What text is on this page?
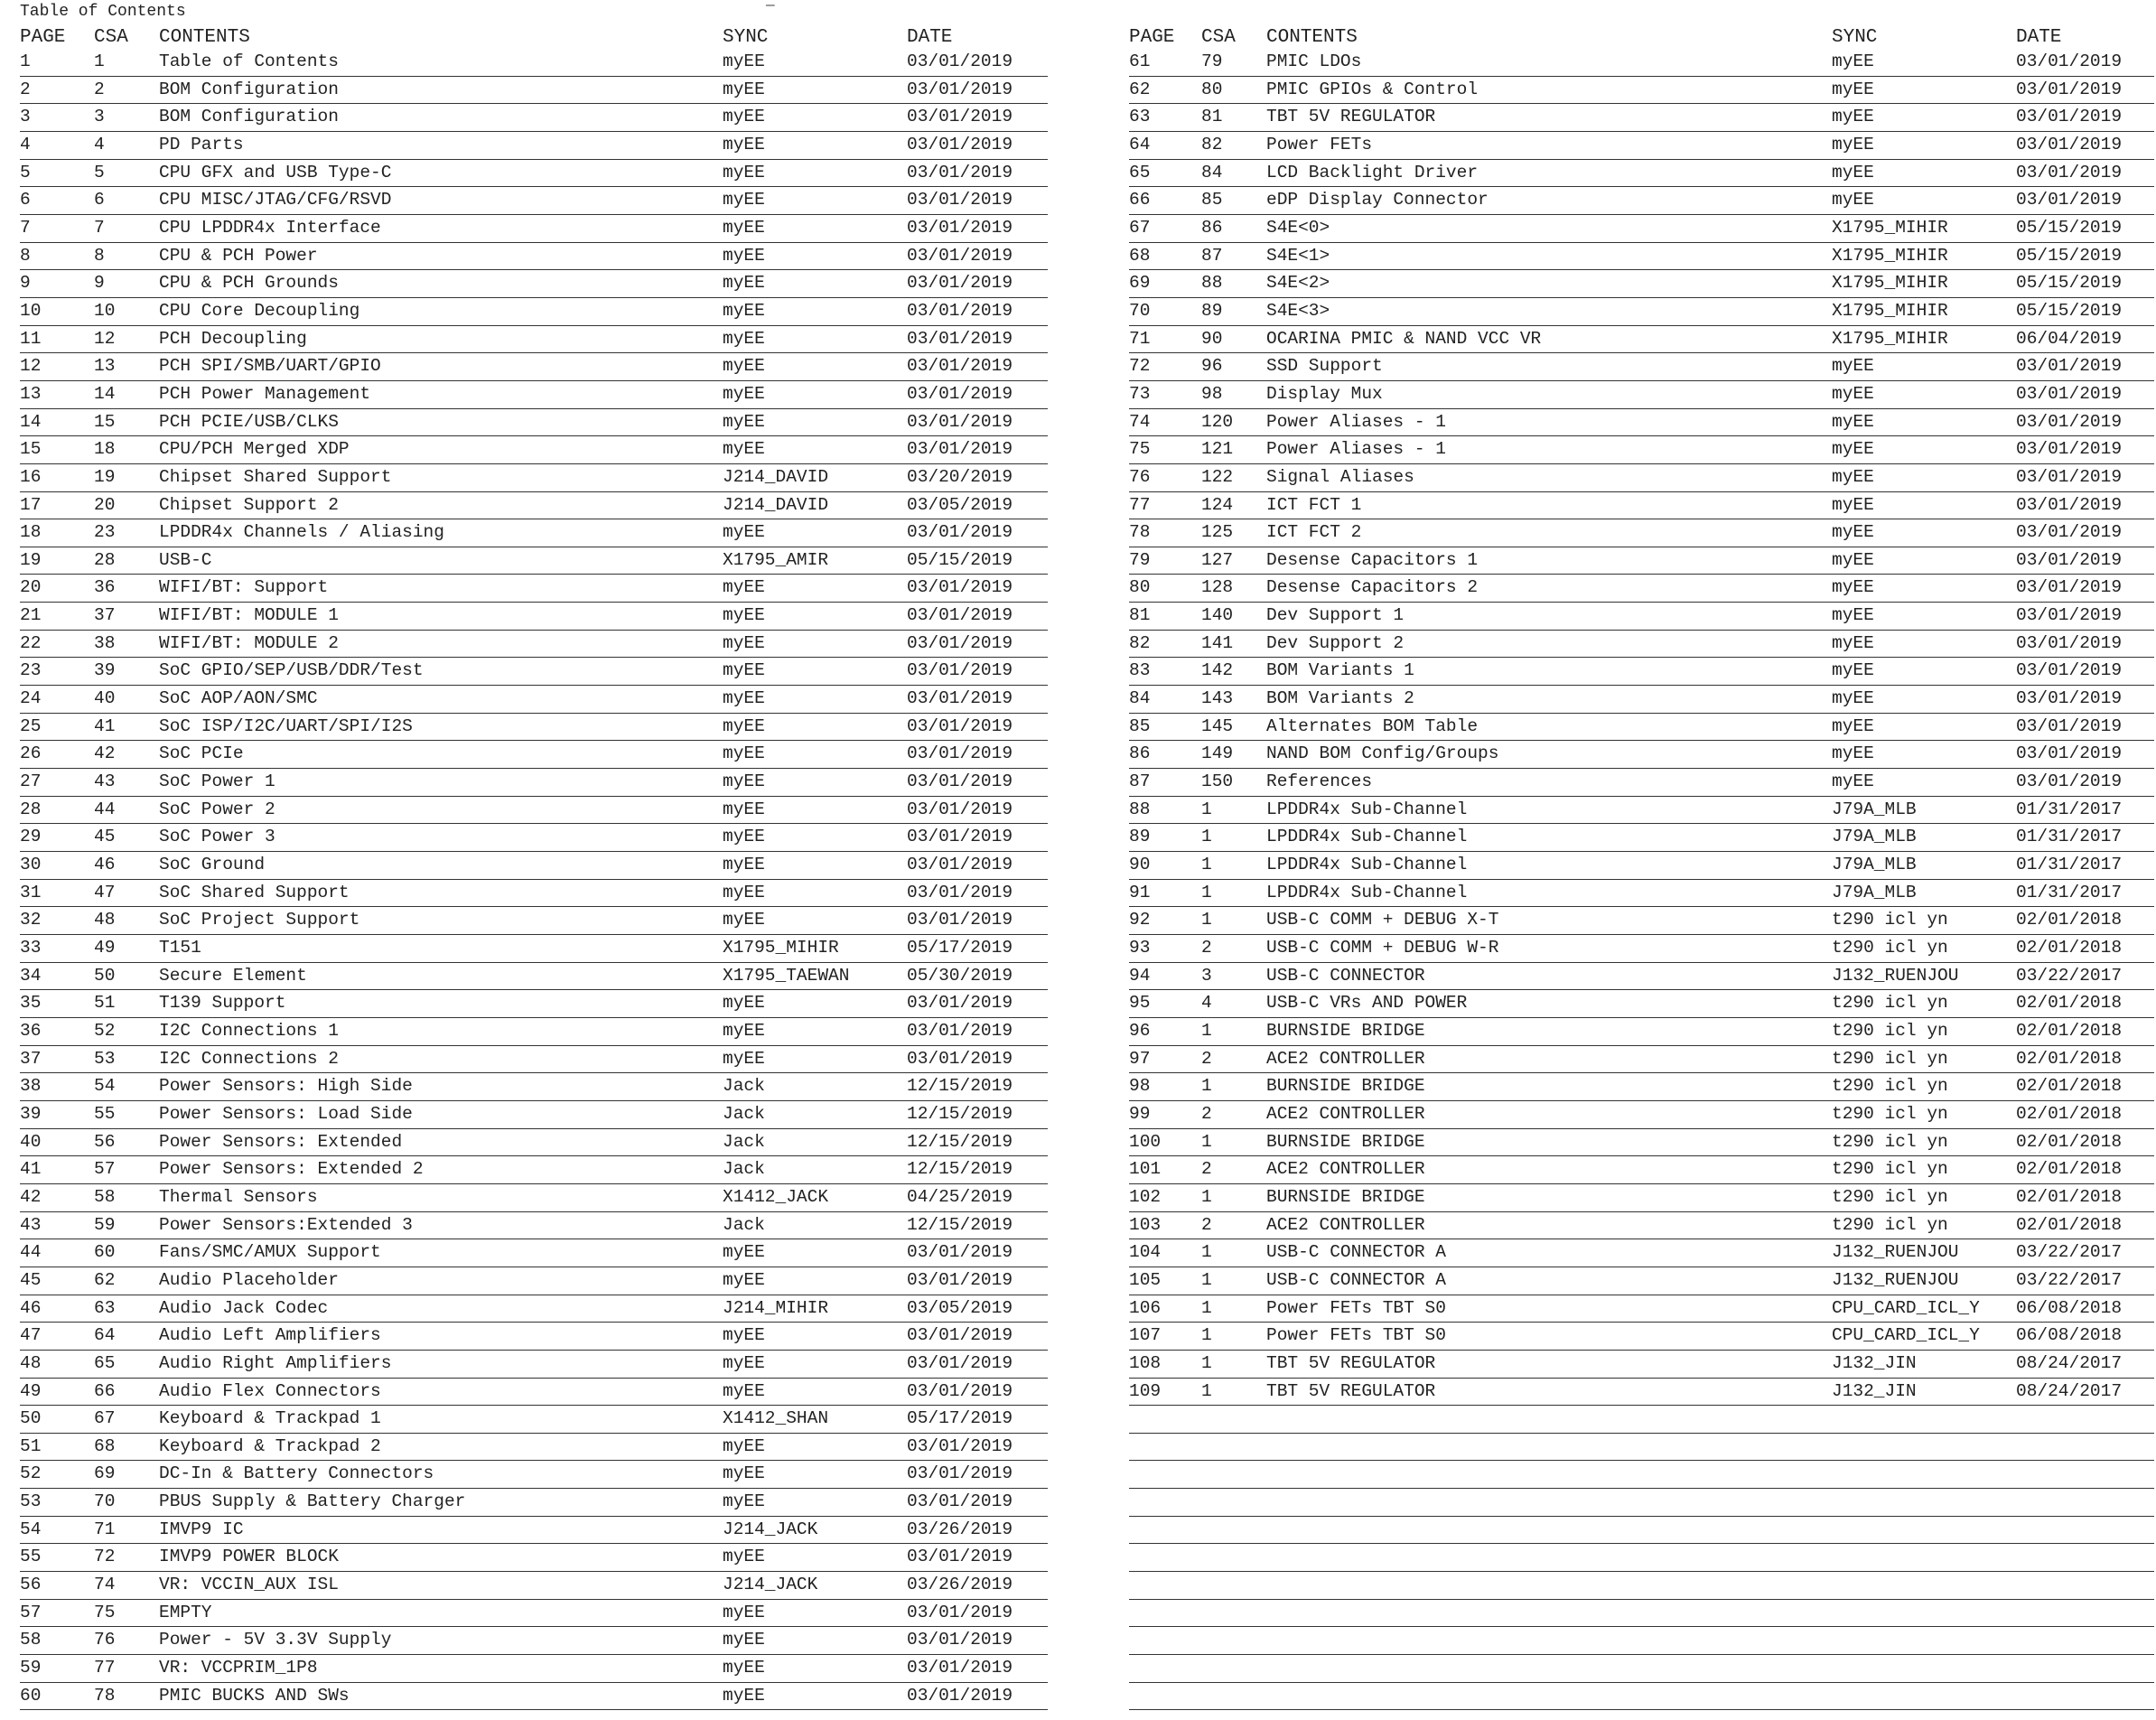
Table of Contents	—
PAGE CSA CONTENTS	SYNC	DATE
1	1	Table of Contents	myEE	03/01/2019
2	2	BOM Configuration	myEE	03/01/2019
3	3	BOM Configuration	myEE	03/01/2019
4	4	PD Parts	myEE	03/01/2019
5	5	CPU GFX and USB Type-C	myEE	03/01/2019
6	6	CPU MISC/JTAG/CFG/RSVD	myEE	03/01/2019
7	7	CPU LPDDR4x Interface	myEE	03/01/2019
8	8	CPU & PCH Power	myEE	03/01/2019
9	9	CPU & PCH Grounds	myEE	03/01/2019
10	10 CPU Core Decoupling	myEE	03/01/2019
11	12 PCH Decoupling	myEE	03/01/2019
12	13 PCH SPI/SMB/UART/GPIO	myEE	03/01/2019
13	14 PCH Power Management	myEE	03/01/2019
14	15 PCH PCIE/USB/CLKS	myEE	03/01/2019
15	18 CPU/PCH Merged XDP	myEE	03/01/2019
16	19 Chipset Shared Support	J214_DAVID	03/20/2019
17	20 Chipset Support 2	J214_DAVID	03/05/2019
18	23 LPDDR4x Channels / Aliasing	myEE	03/01/2019
19	28 USB-C	X1795_AMIR	05/15/2019
20	36 WIFI/BT: Support	myEE	03/01/2019
21	37 WIFI/BT: MODULE 1	myEE	03/01/2019
22	38 WIFI/BT: MODULE 2	myEE	03/01/2019
23	39 SoC GPIO/SEP/USB/DDR/Test	myEE	03/01/2019
24	40 SoC AOP/AON/SMC	myEE	03/01/2019
25	41 SoC ISP/I2C/UART/SPI/I2S	myEE	03/01/2019
26	42 SoC PCIe	myEE	03/01/2019
27	43 SoC Power 1	myEE	03/01/2019
28	44 SoC Power 2	myEE	03/01/2019
29	45 SoC Power 3	myEE	03/01/2019
30	46 SoC Ground	myEE	03/01/2019
31	47 SoC Shared Support	myEE	03/01/2019
32	48 SoC Project Support	myEE	03/01/2019
33	49 T151	X1795_MIHIR	05/17/2019
34	50 Secure Element	X1795_TAEWAN	05/30/2019
35	51 T139 Support	myEE	03/01/2019
36	52 I2C Connections 1	myEE	03/01/2019
37	53 I2C Connections 2	myEE	03/01/2019
38	54 Power Sensors: High Side	Jack	12/15/2019
39	55 Power Sensors: Load Side	Jack	12/15/2019
40	56 Power Sensors: Extended	Jack	12/15/2019
41	57 Power Sensors: Extended 2	Jack	12/15/2019
42	58 Thermal Sensors	X1412_JACK	04/25/2019
43	59 Power Sensors:Extended 3	Jack	12/15/2019
44	60 Fans/SMC/AMUX Support	myEE	03/01/2019
45	62 Audio Placeholder	myEE	03/01/2019
46	63 Audio Jack Codec	J214_MIHIR	03/05/2019
47	64 Audio Left Amplifiers	myEE	03/01/2019
48	65 Audio Right Amplifiers	myEE	03/01/2019
49	66 Audio Flex Connectors	myEE	03/01/2019
50	67 Keyboard & Trackpad 1	X1412_SHAN	05/17/2019
51	68 Keyboard & Trackpad 2	myEE	03/01/2019
52	69 DC-In & Battery Connectors	myEE	03/01/2019
53	70 PBUS Supply & Battery Charger	myEE	03/01/2019
54	71 IMVP9 IC	J214_JACK	03/26/2019
55	72 IMVP9 POWER BLOCK	myEE	03/01/2019
56	74 VR: VCCIN_AUX ISL	J214_JACK	03/26/2019
57	75 EMPTY	myEE	03/01/2019
58	76 Power - 5V 3.3V Supply	myEE	03/01/2019
59	77 VR: VCCPRIM_1P8	myEE	03/01/2019
60	78 PMIC BUCKS AND SWs	myEE	03/01/2019
PAGE CSA CONTENTS	SYNC	DATE
61	79 PMIC LDOs	myEE	03/01/2019
62	80 PMIC GPIOs & Control	myEE	03/01/2019
63	81 TBT 5V REGULATOR	myEE	03/01/2019
64	82 Power FETs	myEE	03/01/2019
65	84 LCD Backlight Driver	myEE	03/01/2019
66	85 eDP Display Connector	myEE	03/01/2019
67	86 S4E<0>	X1795_MIHIR	05/15/2019
68	87 S4E<1>	X1795_MIHIR	05/15/2019
69	88 S4E<2>	X1795_MIHIR	05/15/2019
70	89 S4E<3>	X1795_MIHIR	05/15/2019
71	90 OCARINA PMIC & NAND VCC VR	X1795_MIHIR	06/04/2019
72	96 SSD Support	myEE	03/01/2019
73	98 Display Mux	myEE	03/01/2019
74	120 Power Aliases - 1	myEE	03/01/2019
75	121 Power Aliases - 1	myEE	03/01/2019
76	122 Signal Aliases	myEE	03/01/2019
77	124 ICT FCT 1	myEE	03/01/2019
78	125 ICT FCT 2	myEE	03/01/2019
79	127 Desense Capacitors 1	myEE	03/01/2019
80	128 Desense Capacitors 2	myEE	03/01/2019
81	140 Dev Support 1	myEE	03/01/2019
82	141 Dev Support 2	myEE	03/01/2019
83	142 BOM Variants 1	myEE	03/01/2019
84	143 BOM Variants 2	myEE	03/01/2019
85	145 Alternates BOM Table	myEE	03/01/2019
86	149 NAND BOM Config/Groups	myEE	03/01/2019
87	150 References	myEE	03/01/2019
88	1	LPDDR4x Sub-Channel	J79A_MLB	01/31/2017
89	1	LPDDR4x Sub-Channel	J79A_MLB	01/31/2017
90	1	LPDDR4x Sub-Channel	J79A_MLB	01/31/2017
91	1	LPDDR4x Sub-Channel	J79A_MLB	01/31/2017
92	1	USB-C COMM + DEBUG X-T	t290 icl yn	02/01/2018
93	2	USB-C COMM + DEBUG W-R	t290 icl yn	02/01/2018
94	3	USB-C CONNECTOR	J132_RUENJOU	03/22/2017
95	4	USB-C VRs AND POWER	t290 icl yn	02/01/2018
96	1	BURNSIDE BRIDGE	t290 icl yn	02/01/2018
97	2	ACE2 CONTROLLER	t290 icl yn	02/01/2018
98	1	BURNSIDE BRIDGE	t290 icl yn	02/01/2018
99	2	ACE2 CONTROLLER	t290 icl yn	02/01/2018
100 1	BURNSIDE BRIDGE	t290 icl yn	02/01/2018
101 2	ACE2 CONTROLLER	t290 icl yn	02/01/2018
102 1	BURNSIDE BRIDGE	t290 icl yn	02/01/2018
103 2	ACE2 CONTROLLER	t290 icl yn	02/01/2018
104 1	USB-C CONNECTOR A	J132_RUENJOU	03/22/2017
105 1	USB-C CONNECTOR A	J132_RUENJOU	03/22/2017
106 1	Power FETs TBT S0	CPU_CARD_ICL_Y 06/08/2018
107 1	Power FETs TBT S0	CPU_CARD_ICL_Y 06/08/2018
108 1	TBT 5V REGULATOR	J132_JIN	08/24/2017
109 1	TBT 5V REGULATOR	J132_JIN	08/24/2017
